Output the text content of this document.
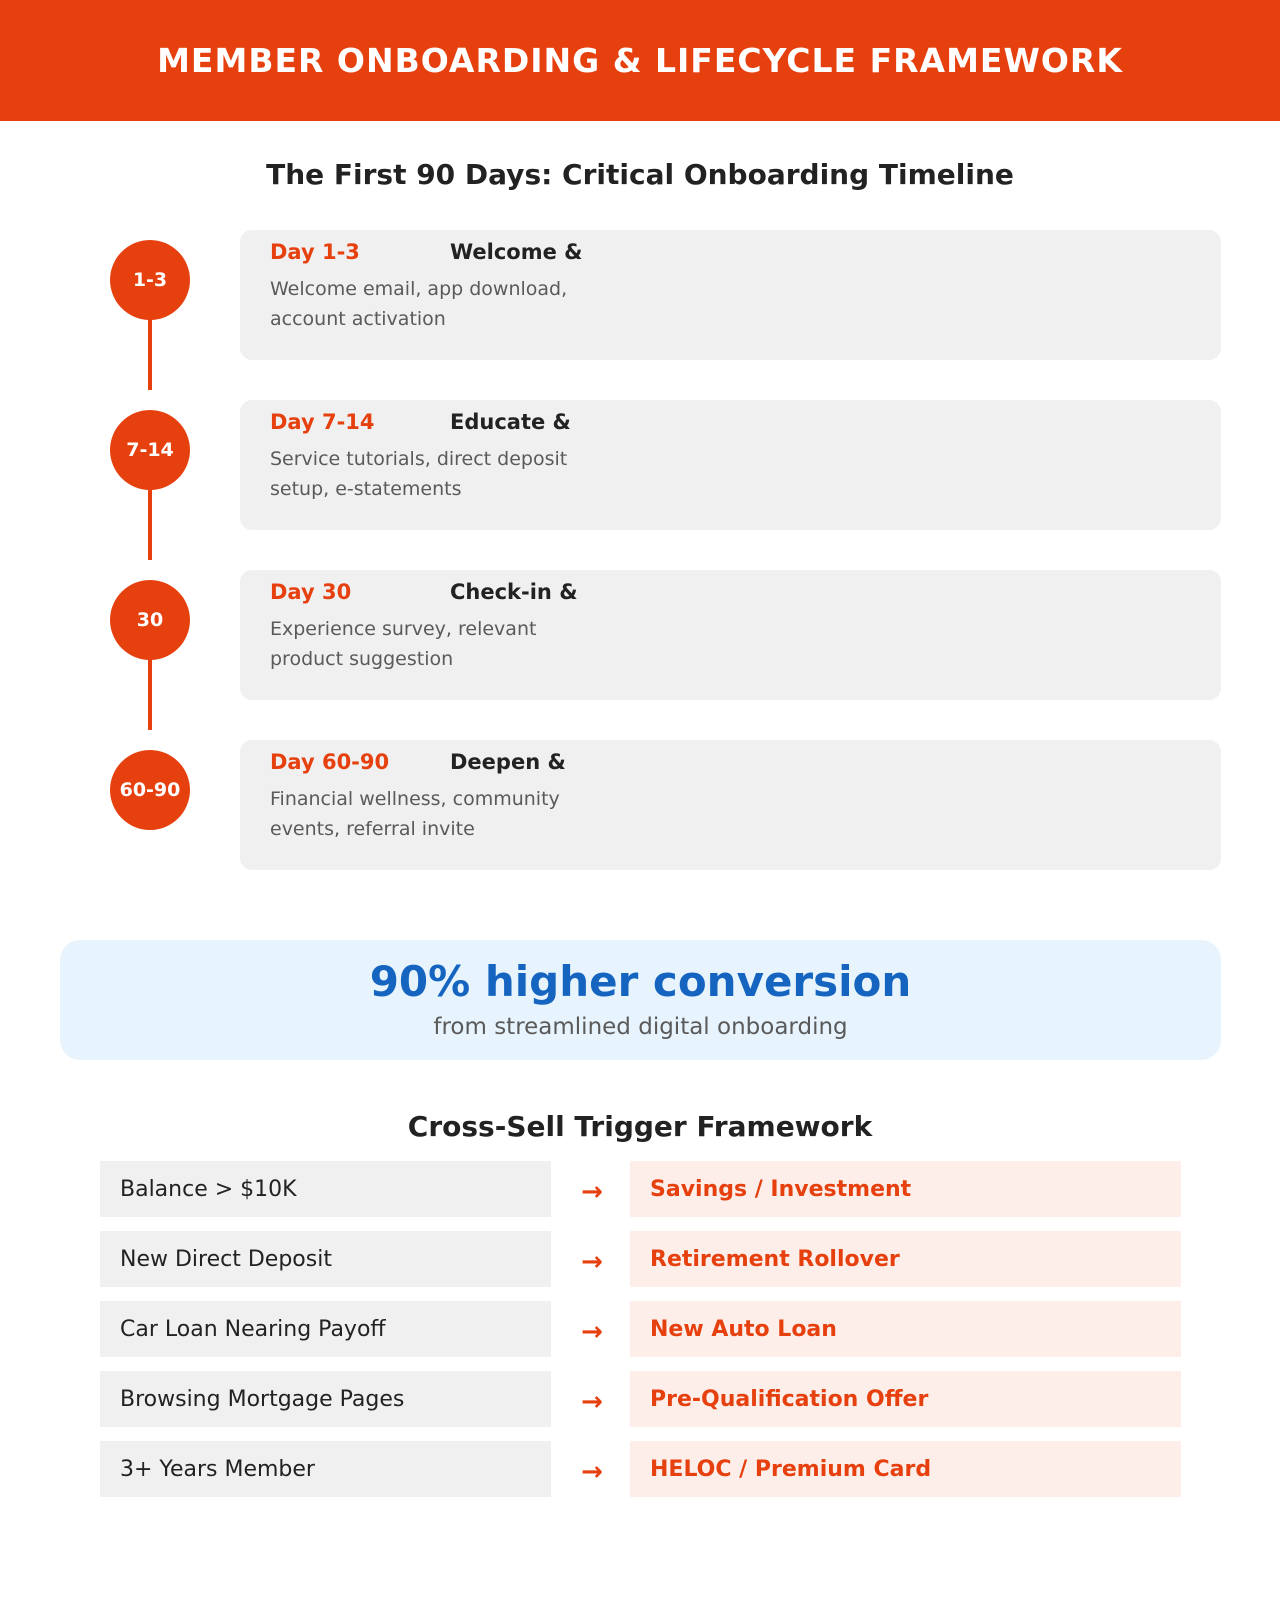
MEMBER ONBOARDING & LIFECYCLE FRAMEWORK
The First 90 Days: Critical Onboarding Timeline
1-3
Day 1-3	Welcome &
Welcome email, app download, account activation
7-14
Day 7-14	Educate &
Service tutorials, direct deposit setup, e-statements
30
Day 30	Check-in &
Experience survey, relevant product suggestion
60-90
Day 60-90	Deepen &
Financial wellness, community events, referral invite
90% higher conversion
from streamlined digital onboarding
Cross-Sell Trigger Framework
Balance > $10K	→	Savings / Investment
New Direct Deposit	→	Retirement Rollover
Car Loan Nearing Payoff	→	New Auto Loan
Browsing Mortgage Pages	→	Pre-Qualification Offer
3+ Years Member	→	HELOC / Premium Card
